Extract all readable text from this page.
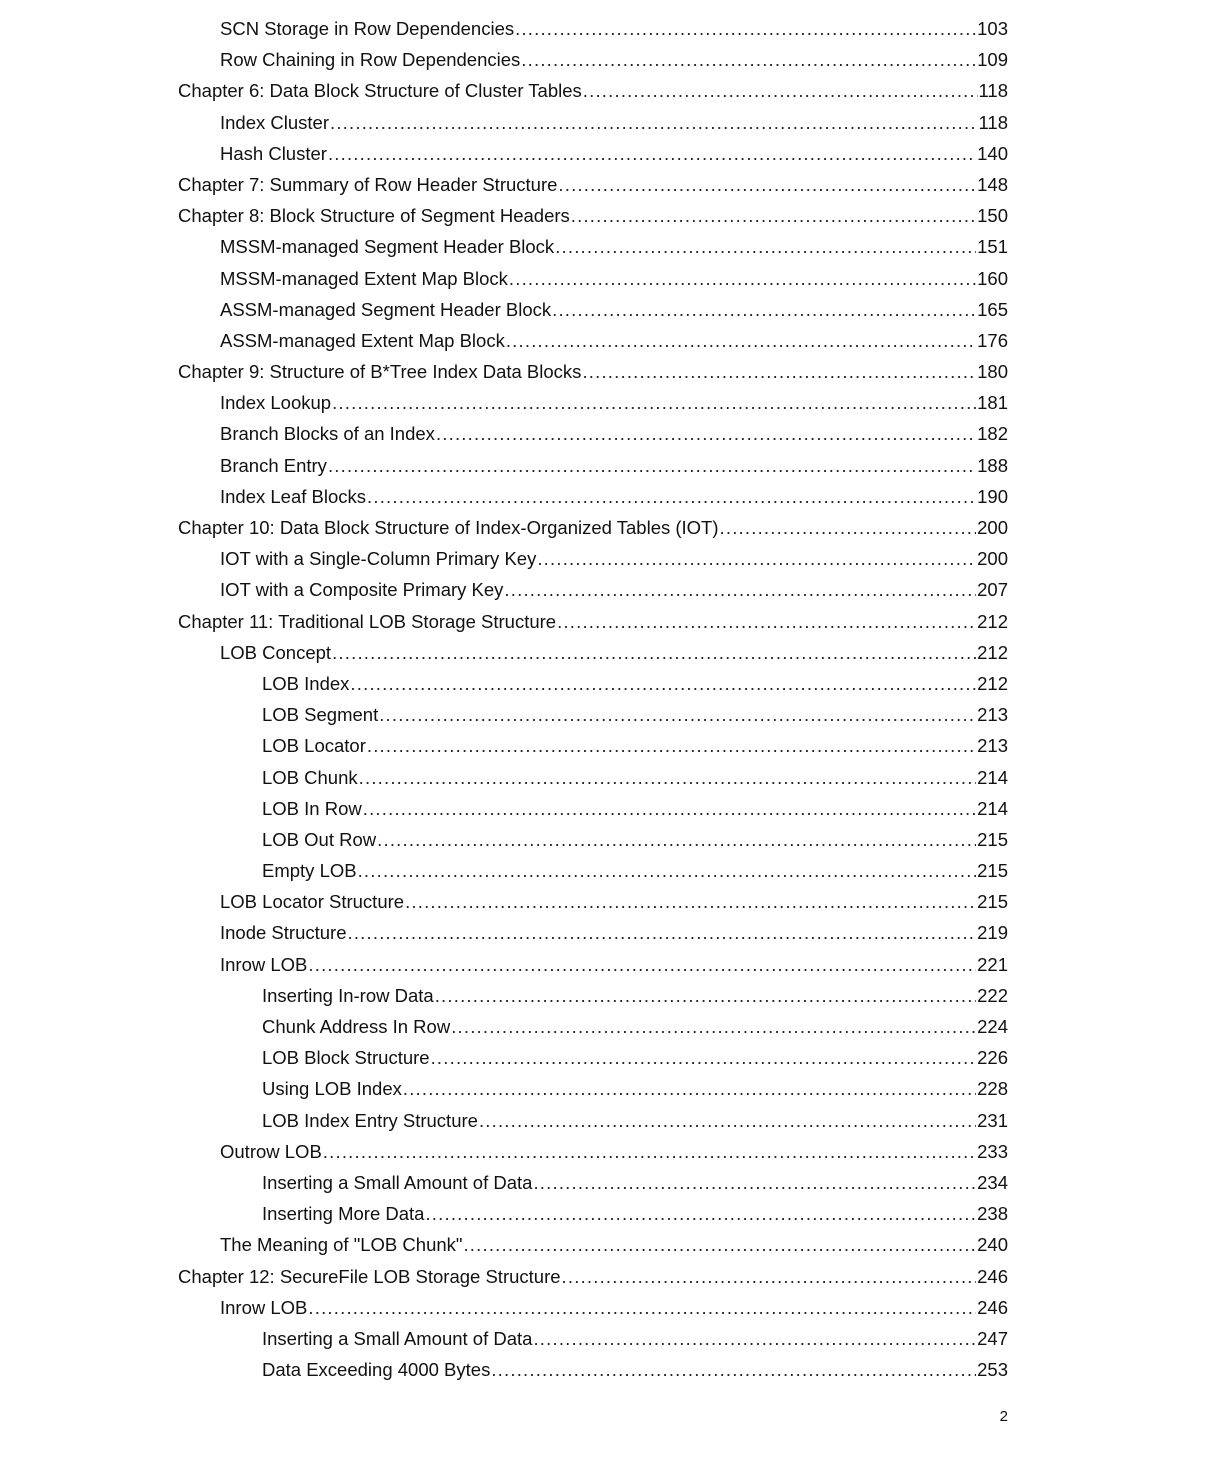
SCN Storage in Row Dependencies .....	103
Row Chaining in Row Dependencies .....	109
Chapter 6: Data Block Structure of Cluster Tables .....	118
Index Cluster .....	118
Hash Cluster .....	140
Chapter 7: Summary of Row Header Structure .....	148
Chapter 8: Block Structure of Segment Headers .....	150
MSSM-managed Segment Header Block .....	151
MSSM-managed Extent Map Block .....	160
ASSM-managed Segment Header Block .....	165
ASSM-managed Extent Map Block .....	176
Chapter 9: Structure of B*Tree Index Data Blocks .....	180
Index Lookup .....	181
Branch Blocks of an Index .....	182
Branch Entry .....	188
Index Leaf Blocks .....	190
Chapter 10: Data Block Structure of Index-Organized Tables (IOT) .....	200
IOT with a Single-Column Primary Key .....	200
IOT with a Composite Primary Key .....	207
Chapter 11: Traditional LOB Storage Structure .....	212
LOB Concept .....	212
LOB Index .....	212
LOB Segment .....	213
LOB Locator .....	213
LOB Chunk .....	214
LOB In Row .....	214
LOB Out Row .....	215
Empty LOB .....	215
LOB Locator Structure .....	215
Inode Structure .....	219
Inrow LOB .....	221
Inserting In-row Data .....	222
Chunk Address In Row .....	224
LOB Block Structure .....	226
Using LOB Index .....	228
LOB Index Entry Structure .....	231
Outrow LOB .....	233
Inserting a Small Amount of Data .....	234
Inserting More Data .....	238
The Meaning of "LOB Chunk" .....	240
Chapter 12: SecureFile LOB Storage Structure .....	246
Inrow LOB .....	246
Inserting a Small Amount of Data .....	247
Data Exceeding 4000 Bytes .....	253
2
